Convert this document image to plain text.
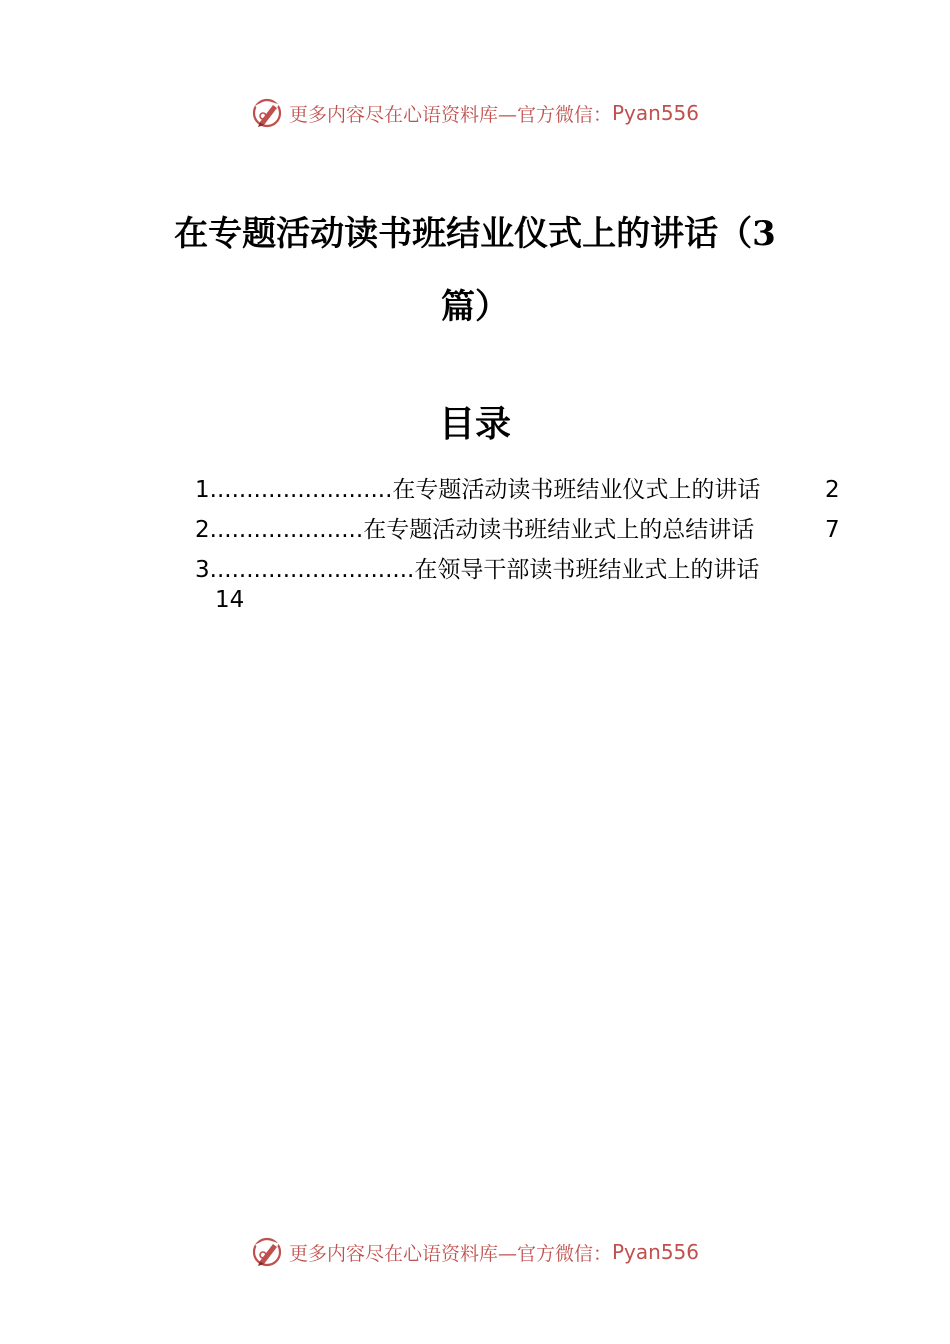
更多内容尽在心语资料库—官方微信： Pyan556
在专题活动读书班结业仪式上的讲话（3
篇）
目录
1.........................在专题活动读书班结业仪式上的讲话	2
2.....................在专题活动读书班结业式上的总结讲话	7
3............................在领导干部读书班结业式上的讲话
14
更多内容尽在心语资料库—官方微信： Pyan556
